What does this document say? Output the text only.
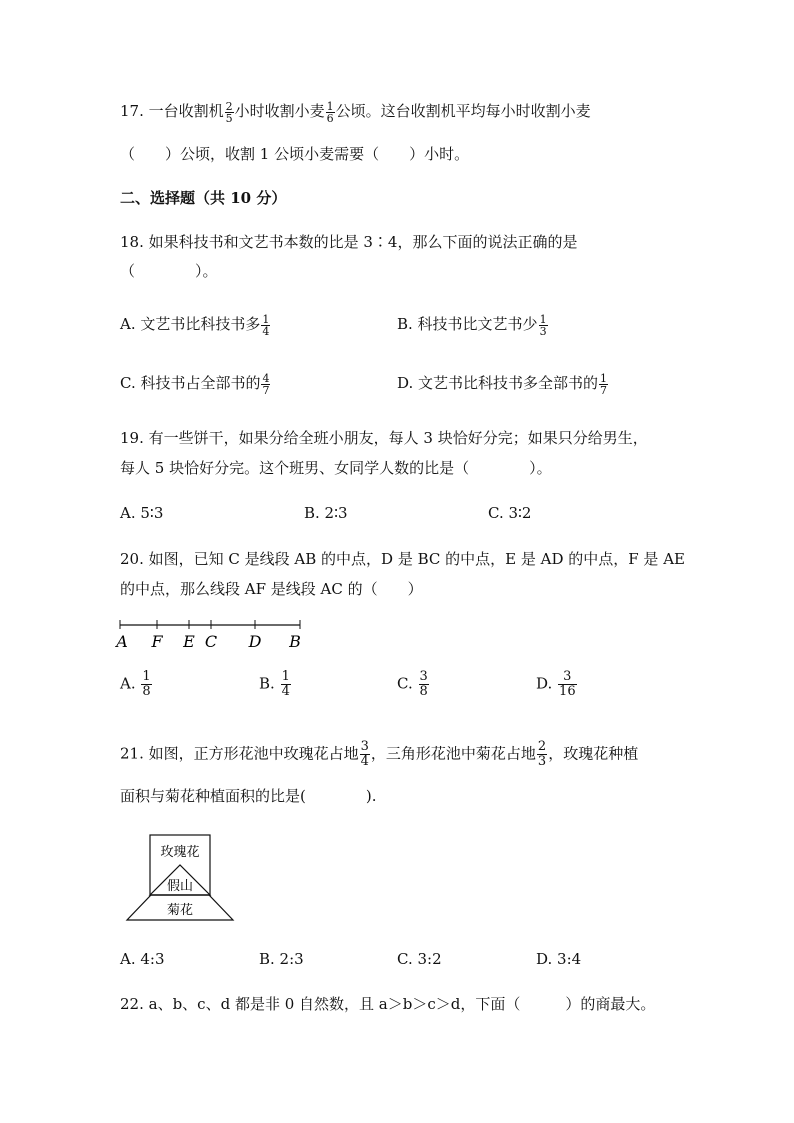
17. 一台收割机 $\frac{2}{5}$ 小时收割小麦 $\frac{1}{6}$ 公顷。这台收割机平均每小时收割小麦
（　　）公顷，收割 1 公顷小麦需要（　　）小时。
二、选择题（共 10 分）
18. 如果科技书和文艺书本数的比是 3∶4，那么下面的说法正确的是
（　　　　）。
A. 文艺书比科技书多 $\frac{1}{4}$	B. 科技书比文艺书少 $\frac{1}{3}$
C. 科技书占全部书的 $\frac{4}{7}$	D. 文艺书比科技书多全部书的 $\frac{1}{7}$
19. 有一些饼干，如果分给全班小朋友，每人 3 块恰好分完；如果只分给男生，
每人 5 块恰好分完。这个班男、女同学人数的比是（　　　　）。
A. 5∶3	B. 2∶3	C. 3∶2
20. 如图，已知 C 是线段 AB 的中点，D 是 BC 的中点，E 是 AD 的中点，F 是 AE
的中点，那么线段 AF 是线段 AC 的（　　）
A F E C D B
A. $\frac{1}{8}$	B. $\frac{1}{4}$	C. $\frac{3}{8}$	D. $\frac{3}{16}$
21. 如图，正方形花池中玫瑰花占地 $\frac{3}{4}$ ，三角形花池中菊花占地 $\frac{2}{3}$ ，玫瑰花种植
面积与菊花种植面积的比是(　　　　).
玫瑰花
假山
菊花
A. 4:3	B. 2:3	C. 3:2	D. 3:4
22. a、b、c、d 都是非 0 自然数，且 a＞b＞c＞d，下面（　　　）的商最大。
